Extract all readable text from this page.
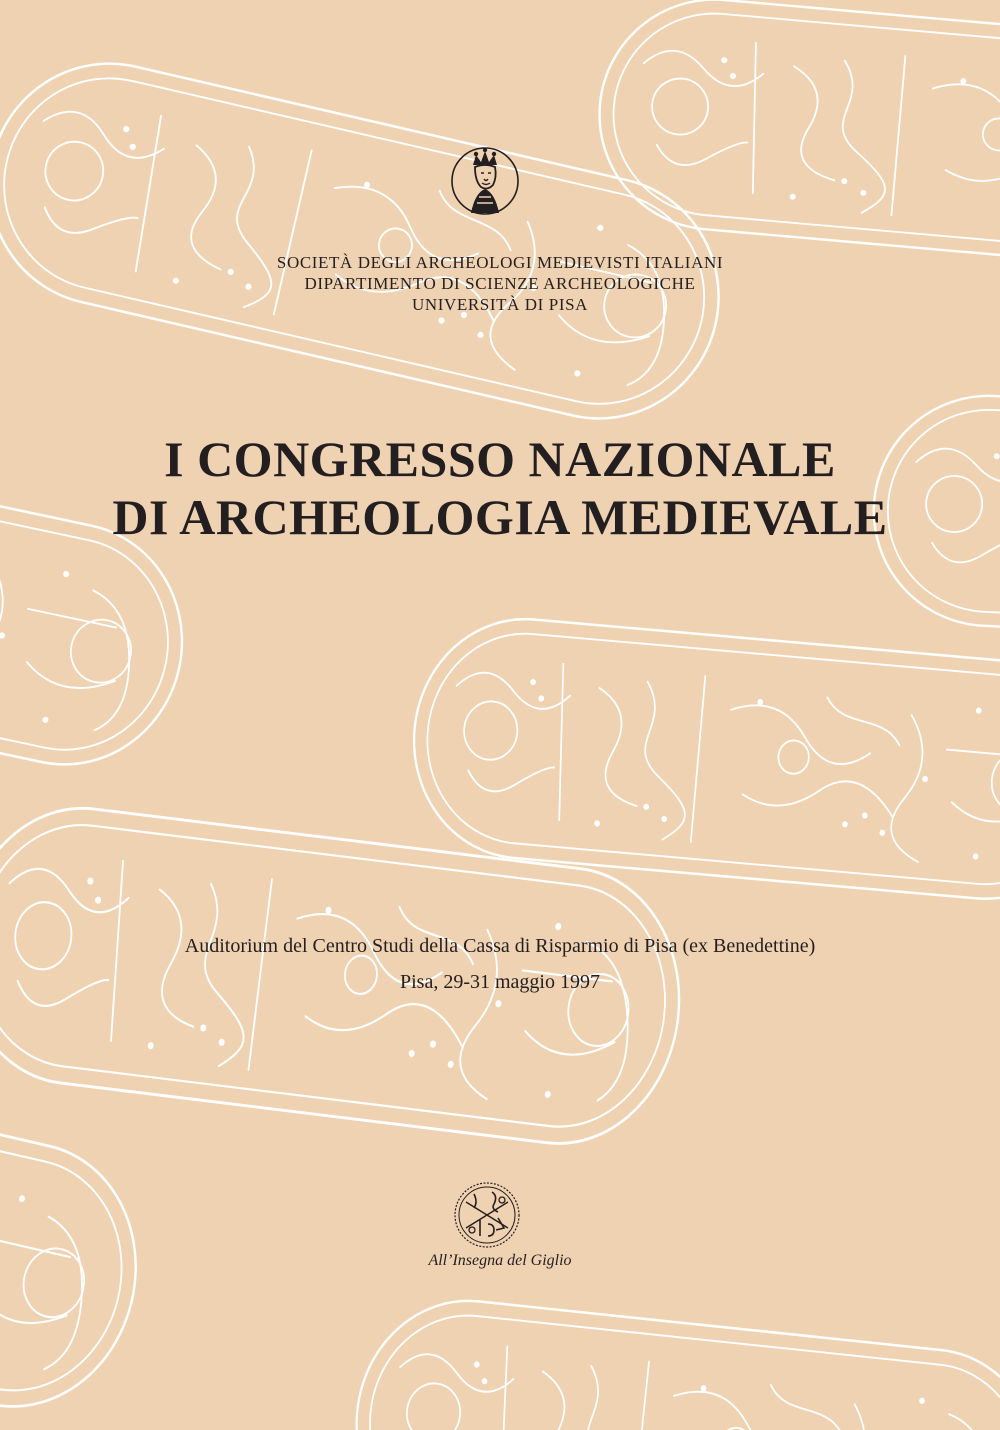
SOCIETÀ DEGLI ARCHEOLOGI MEDIEVISTI ITALIANI
DIPARTIMENTO DI SCIENZE ARCHEOLOGICHE
UNIVERSITÀ DI PISA
I CONGRESSO NAZIONALE
DI ARCHEOLOGIA MEDIEVALE
Auditorium del Centro Studi della Cassa di Risparmio di Pisa (ex Benedettine)
Pisa, 29-31 maggio 1997
All’Insegna del Giglio
